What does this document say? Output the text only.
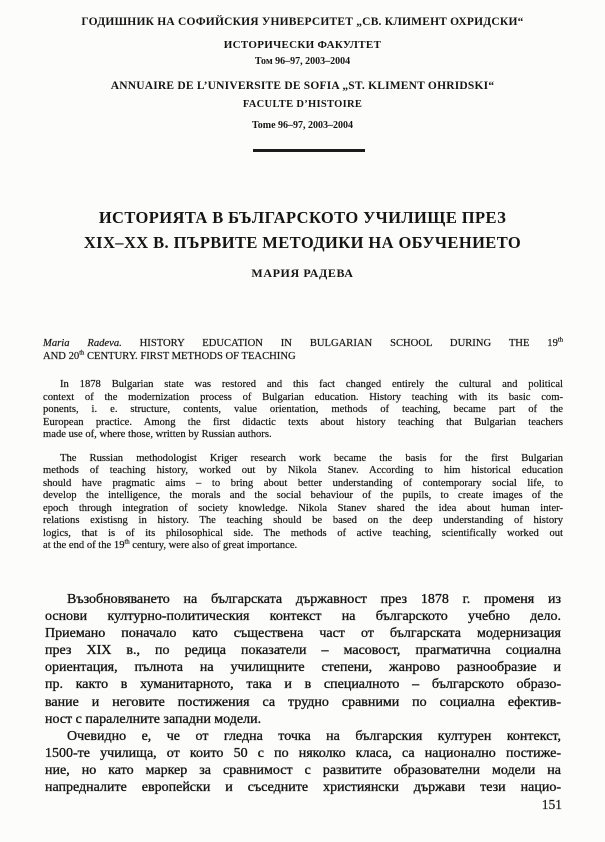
ГОДИШНИК НА СОФИЙСКИЯ УНИВЕРСИТЕТ „СВ. КЛИМЕНТ ОХРИДСКИ“
ИСТОРИЧЕСКИ ФАКУЛТЕТ
Том 96–97, 2003–2004
ANNUAIRE DE L’UNIVERSITE DE SOFIA „ST. KLIMENT OHRIDSKI“
FACULTE D’HISTOIRE
Tome 96–97, 2003–2004
ИСТОРИЯТА В БЪЛГАРСКОТО УЧИЛИЩЕ ПРЕЗ
XIX–XX В. ПЪРВИТЕ МЕТОДИКИ НА ОБУЧЕНИЕТО
МАРИЯ РАДЕВА
Maria Radeva. HISTORY EDUCATION IN BULGARIAN SCHOOL DURING THE 19th
AND 20th CENTURY. FIRST METHODS OF TEACHING
In 1878 Bulgarian state was restored and this fact changed entirely the cultural and political
context of the modernization process of Bulgarian education. History teaching with its basic com-
ponents, i. e. structure, contents, value orientation, methods of teaching, became part of the
European practice. Among the first didactic texts about history teaching that Bulgarian teachers
made use of, where those, written by Russian authors.
The Russian methodologist Kriger research work became the basis for the first Bulgarian
methods of teaching history, worked out by Nikola Stanev. According to him historical education
should have pragmatic aims – to bring about better understanding of contemporary social life, to
develop the intelligence, the morals and the social behaviour of the pupils, to create images of the
epoch through integration of society knowledge. Nikola Stanev shared the idea about human inter-
relations existisng in history. The teaching should be based on the deep understanding of history
logics, that is of its philosophical side. The methods of active teaching, scientifically worked out
at the end of the 19th century, were also of great importance.
Възобновяването на българската държавност през 1878 г. променя из
основи културно-политическия контекст на българското учебно дело.
Приемано поначало като съществена част от българската модернизация
през XIX в., по редица показатели – масовост, прагматична социална
ориентация, пълнота на училищните степени, жанрово разнообразие и
пр. както в хуманитарното, така и в специалното – българското образо-
вание и неговите постижения са трудно сравними по социална ефектив-
ност с паралелните западни модели.
Очевидно е, че от гледна точка на българския културен контекст,
1500-те училища, от които 50 с по няколко класа, са национално постиже-
ние, но като маркер за сравнимост с развитите образователни модели на
напредналите европейски и съседните християнски държави тези нацио-
151
